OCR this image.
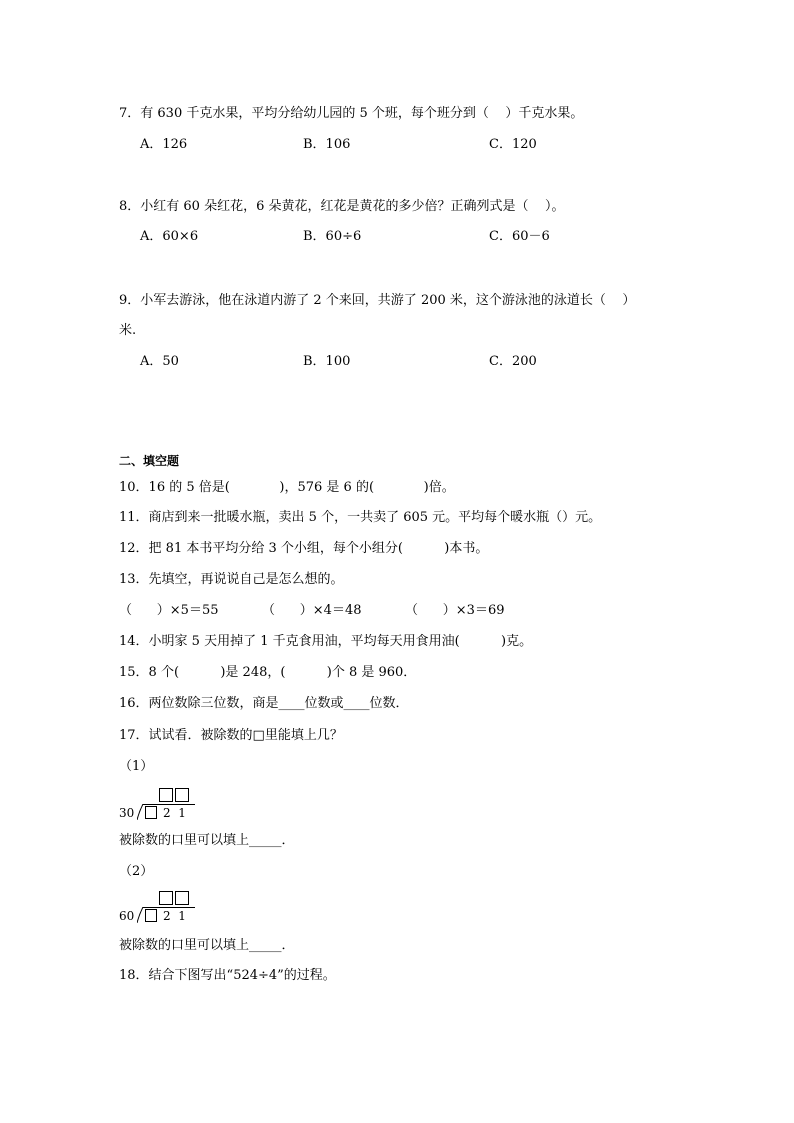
7．有 630 千克水果，平均分给幼儿园的 5 个班，每个班分到（    ）千克水果。
A．126	B．106	C．120
8．小红有 60 朵红花，6 朵黄花，红花是黄花的多少倍？正确列式是（    ）。
A．60×6	B．60÷6	C．60－6
9．小军去游泳，他在泳道内游了 2 个来回，共游了 200 米，这个游泳池的泳道长（    ）
米.
A．50	B．100	C．200
二、填空题
10．16 的 5 倍是(            )，576 是 6 的(            )倍。
11．商店到来一批暖水瓶，卖出 5 个，一共卖了 605 元。平均每个暖水瓶（）元。
12．把 81 本书平均分给 3 个小组，每个小组分(          )本书。
13．先填空，再说说自己是怎么想的。
（      ）×5＝55	（      ）×4＝48	（      ）×3＝69
14．小明家 5 天用掉了 1 千克食用油，平均每天用食用油(          )克。
15．8 个(          )是 248，(          )个 8 是 960．
16．两位数除三位数，商是____位数或____位数．
17．试试看．被除数的□里能填上几？
（1）
30 2  1
被除数的口里可以填上_____．
（2）
60 2  1
被除数的口里可以填上_____．
18．结合下图写出“524÷4”的过程。
